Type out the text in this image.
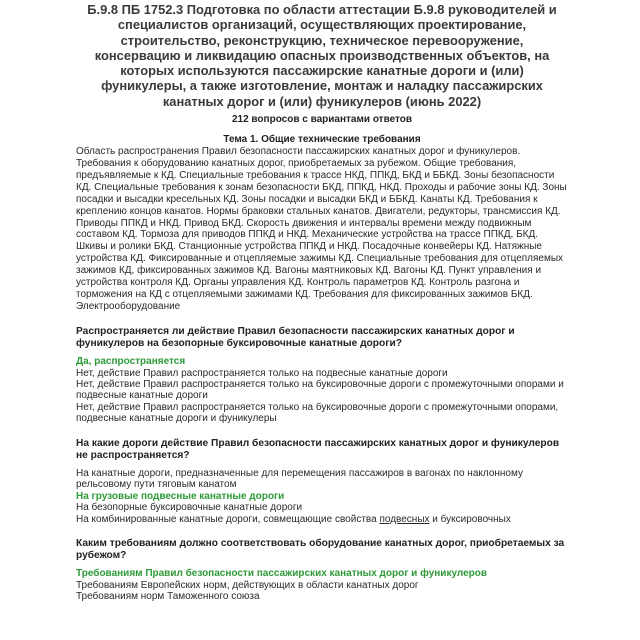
Б.9.8 ПБ 1752.3 Подготовка по области аттестации Б.9.8 руководителей и специалистов организаций, осуществляющих проектирование, строительство, реконструкцию, техническое перевооружение, консервацию и ликвидацию опасных производственных объектов, на которых используются пассажирские канатные дороги и (или) фуникулеры, а также изготовление, монтаж и наладку пассажирских канатных дорог и (или) фуникулеров (июнь 2022)

212 вопросов с вариантами ответов

Тема 1. Общие технические требования

Область распространения Правил безопасности пассажирских канатных дорог и фуникулеров. Требования к оборудованию канатных дорог, приобретаемых за рубежом. Общие требования, предъявляемые к КД. Специальные требования к трассе НКД, ППКД, БКД и ББКД. Зоны безопасности КД. Специальные требования к зонам безопасности БКД, ППКД, НКД. Проходы и рабочие зоны КД. Зоны посадки и высадки кресельных КД. Зоны посадки и высадки БКД и ББКД. Канаты КД. Требования к креплению концов канатов. Нормы браковки стальных канатов. Двигатели, редукторы, трансмиссия КД. Приводы ППКД и НКД. Привод БКД. Скорость движения и интервалы времени между подвижным составом КД. Тормоза для приводов ППКД и НКД. Механические устройства на трассе ППКД, БКД. Шкивы и ролики БКД. Станционные устройства ППКД и НКД. Посадочные конвейеры КД. Натяжные устройства КД. Фиксированные и отцепляемые зажимы КД. Специальные требования для отцепляемых зажимов КД, фиксированных зажимов КД. Вагоны маятниковых КД. Вагоны КД. Пункт управления и устройства контроля КД. Органы управления КД. Контроль параметров КД. Контроль разгона и торможения на КД с отцепляемыми зажимами КД. Требования для фиксированных зажимов БКД. Электрооборудование

Распространяется ли действие Правил безопасности пассажирских канатных дорог и фуникулеров на безопорные буксировочные канатные дороги?

Да, распространяется
Нет, действие Правил распространяется только на подвесные канатные дороги
Нет, действие Правил распространяется только на буксировочные дороги с промежуточными опорами и подвесные канатные дороги
Нет, действие Правил распространяется только на буксировочные дороги с промежуточными опорами, подвесные канатные дороги и фуникулеры

На какие дороги действие Правил безопасности пассажирских канатных дорог и фуникулеров не распространяется?

На канатные дороги, предназначенные для перемещения пассажиров в вагонах по наклонному рельсовому пути тяговым канатом
На грузовые подвесные канатные дороги
На безопорные буксировочные канатные дороги
На комбинированные канатные дороги, совмещающие свойства подвесных и буксировочных

Каким требованиям должно соответствовать оборудование канатных дорог, приобретаемых за рубежом?

Требованиям Правил безопасности пассажирских канатных дорог и фуникулеров
Требованиям Европейских норм, действующих в области канатных дорог
Требованиям норм Таможенного союза
